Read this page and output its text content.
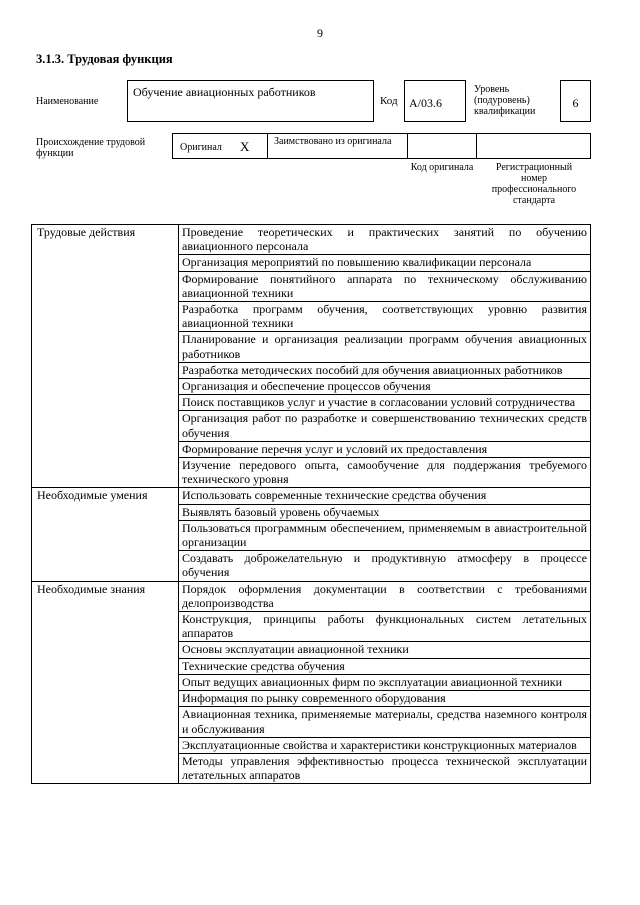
9
3.1.3. Трудовая функция
Наименование
Обучение авиационных работников
Код A/03.6
Уровень (подуровень) квалификации
6
Происхождение трудовой функции
Оригинал X Заимствовано из оригинала
Код оригинала	Регистрационный номер профессионального стандарта
Трудовые действия	Проведение теоретических и практических занятий по обучению авиационного персонала
	Организация мероприятий по повышению квалификации персонала
	Формирование понятийного аппарата по техническому обслуживанию авиационной техники
	Разработка программ обучения, соответствующих уровню развития авиационной техники
	Планирование и организация реализации программ обучения авиационных работников
	Разработка методических пособий для обучения авиационных работников
	Организация и обеспечение процессов обучения
	Поиск поставщиков услуг и участие в согласовании условий сотрудничества
	Организация работ по разработке и совершенствованию технических средств обучения
	Формирование перечня услуг и условий их предоставления
	Изучение передового опыта, самообучение для поддержания требуемого технического уровня
Необходимые умения	Использовать современные технические средства обучения
	Выявлять базовый уровень обучаемых
	Пользоваться программным обеспечением, применяемым в авиастроительной организации
	Создавать доброжелательную и продуктивную атмосферу в процессе обучения
Необходимые знания	Порядок оформления документации в соответствии с требованиями делопроизводства
	Конструкция, принципы работы функциональных систем летательных аппаратов
	Основы эксплуатации авиационной техники
	Технические средства обучения
	Опыт ведущих авиационных фирм по эксплуатации авиационной техники
	Информация по рынку современного оборудования
	Авиационная техника, применяемые материалы, средства наземного контроля и обслуживания
	Эксплуатационные свойства и характеристики конструкционных материалов
	Методы управления эффективностью процесса технической эксплуатации летательных аппаратов
